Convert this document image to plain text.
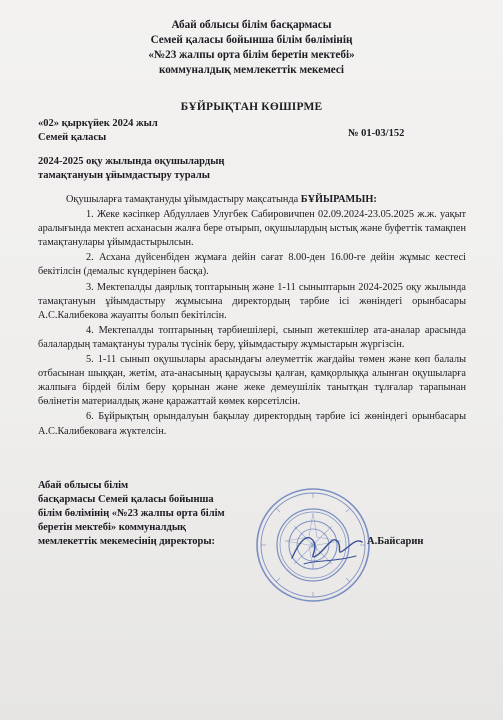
Абай облысы білім басқармасы
Семей қаласы бойынша білім бөлімінің
«№23 жалпы орта білім беретін мектебі»
коммуналдық мемлекеттік мекемесі
БҰЙРЫҚТАН КӨШІРМЕ
«02» қыркүйек 2024 жыл
Семей қаласы	№ 01-03/152
2024-2025 оқу жылында оқушылардың
тамақтануын ұйымдастыру туралы

Оқушыларға тамақтануды ұйымдастыру мақсатында БҰЙЫРАМЫН:

1. Жеке кәсіпкер Абдуллаев Улугбек Сабировичпен 02.09.2024-23.05.2025 ж.ж. уақыт аралығында мектеп асханасын жалға бере отырып, оқушылардың ыстық және буфеттік тамақпен тамақтанулары ұйымдастырылсын.

2. Асхана дүйсенбіден жұмаға дейін сағат 8.00-ден 16.00-ге дейін жұмыс кестесі бекітілсін (демалыс күндерінен басқа).

3. Мектепалды даярлық топтарының және 1-11 сыныптарын 2024-2025 оқу жылында тамақтануын ұйымдастыру жұмысына директордың тәрбие ісі жөніндегі орынбасары А.С.Калибекова жауапты болып бекітілсін.

4. Мектепалды топтарының тәрбиешілері, сынып жетекшілер ата-аналар арасында балалардың тамақтануы туралы түсінік беру, ұйымдастыру жұмыстарын жүргізсін.

5. 1-11 сынып оқушылары арасындағы әлеуметтік жағдайы төмен және көп балалы отбасынан шыққан, жетім, ата-анасының қараусызы қалған, қамқорлыққа алынған оқушыларға жалпыға бірдей білім беру қорынан және жеке демеушілік танытқан тұлғалар тарапынан бөлінетін материалдық және қаражаттай көмек көрсетілсін.

6. Бұйрықтың орындалуын бақылау директордың тәрбие ісі жөніндегі орынбасары А.С.Калибековаға жүктелсін.

Абай облысы білім
басқармасы Семей қаласы бойынша
білім бөлімінің «№23 жалпы орта білім
беретін мектебі» коммуналдық
мемлекеттік мекемесінің директоры:	А.Байсарин
